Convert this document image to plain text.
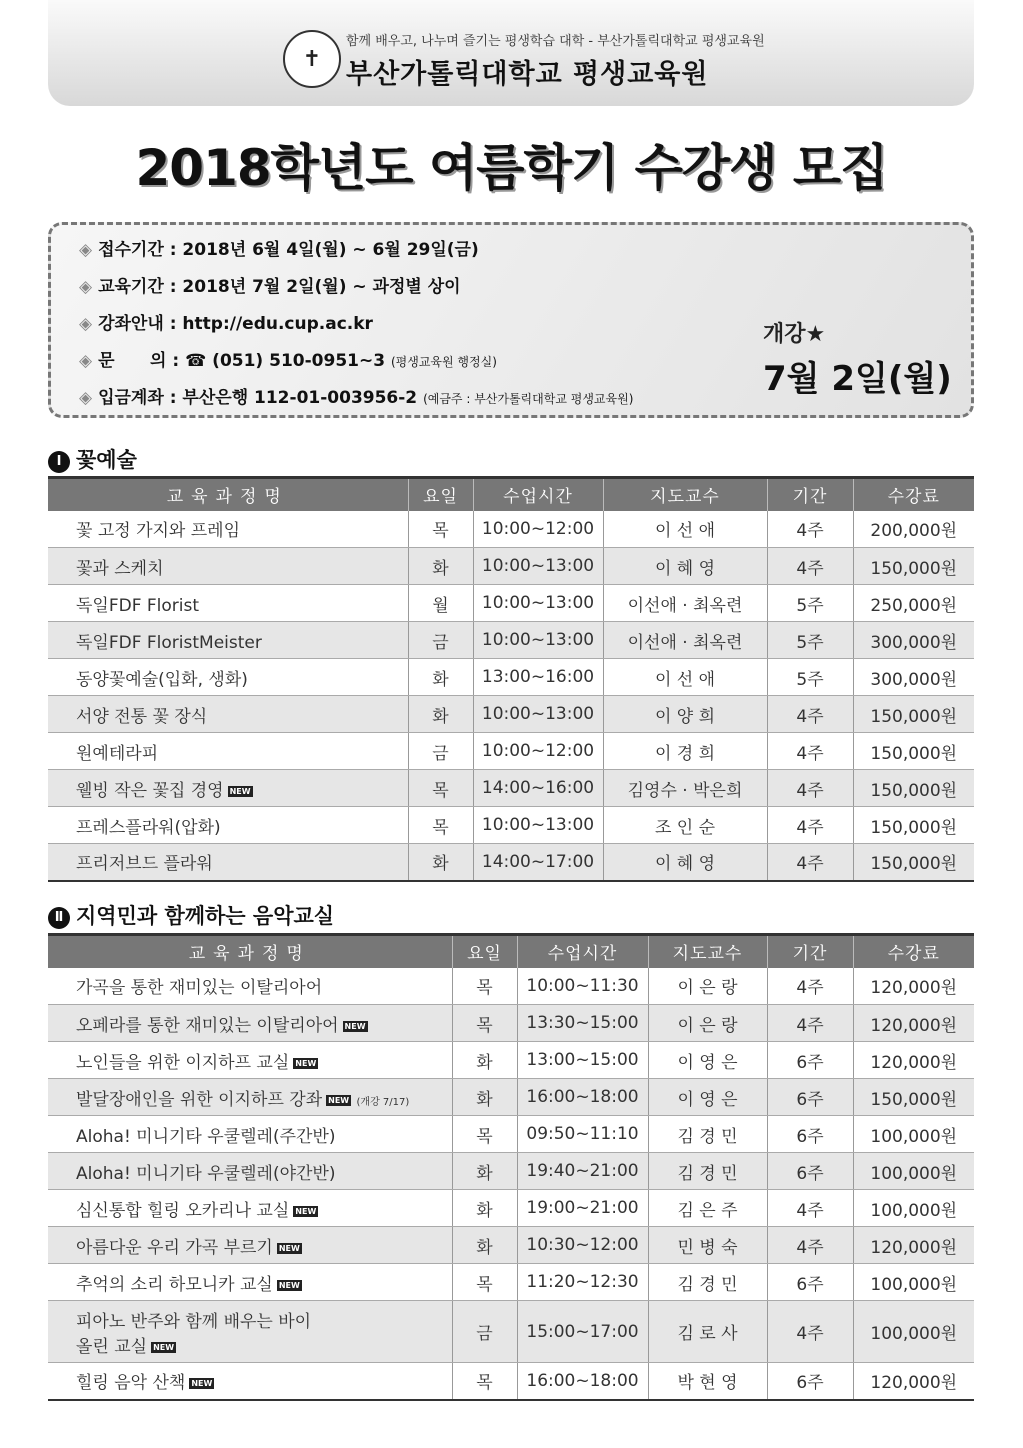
✝
함께 배우고, 나누며 즐기는 평생학습 대학 - 부산가톨릭대학교 평생교육원
부산가톨릭대학교 평생교육원
2018학년도 여름학기 수강생 모집
◈ 접수기간 : 2018년 6월 4일(월) ~ 6월 29일(금)
◈ 교육기간 : 2018년 7월 2일(월) ~ 과정별 상이
◈ 강좌안내 : http://edu.cup.ac.kr
◈ 문      의 : ☎ (051) 510-0951~3 (평생교육원 행정실)
◈ 입금계좌 : 부산은행 112-01-003956-2 (예금주 : 부산가톨릭대학교 평생교육원)
개강★
7월 2일(월)
Ⅰ 꽃예술
교육과정명	요일	수업시간	지도교수	기간	수강료
꽃 고정 가지와 프레임	목	10:00~12:00	이 선 애	4주	200,000원
꽃과 스케치	화	10:00~13:00	이 혜 영	4주	150,000원
독일FDF Florist	월	10:00~13:00	이선애 · 최옥련	5주	250,000원
독일FDF FloristMeister	금	10:00~13:00	이선애 · 최옥련	5주	300,000원
동양꽃예술(입화, 생화)	화	13:00~16:00	이 선 애	5주	300,000원
서양 전통 꽃 장식	화	10:00~13:00	이 양 희	4주	150,000원
원예테라피	금	10:00~12:00	이 경 희	4주	150,000원
웰빙 작은 꽃집 경영 NEW	목	14:00~16:00	김영수 · 박은희	4주	150,000원
프레스플라워(압화)	목	10:00~13:00	조 인 순	4주	150,000원
프리저브드 플라워	화	14:00~17:00	이 혜 영	4주	150,000원
Ⅱ 지역민과 함께하는 음악교실
교육과정명	요일	수업시간	지도교수	기간	수강료
가곡을 통한 재미있는 이탈리아어	목	10:00~11:30	이 은 랑	4주	120,000원
오페라를 통한 재미있는 이탈리아어 NEW	목	13:30~15:00	이 은 랑	4주	120,000원
노인들을 위한 이지하프 교실 NEW	화	13:00~15:00	이 영 은	6주	120,000원
발달장애인을 위한 이지하프 강좌 NEW (개강 7/17)	화	16:00~18:00	이 영 은	6주	150,000원
Aloha! 미니기타 우쿨렐레(주간반)	목	09:50~11:10	김 경 민	6주	100,000원
Aloha! 미니기타 우쿨렐레(야간반)	화	19:40~21:00	김 경 민	6주	100,000원
심신통합 힐링 오카리나 교실 NEW	화	19:00~21:00	김 은 주	4주	100,000원
아름다운 우리 가곡 부르기 NEW	화	10:30~12:00	민 병 숙	4주	120,000원
추억의 소리 하모니카 교실 NEW	목	11:20~12:30	김 경 민	6주	100,000원
피아노 반주와 함께 배우는 바이올린 교실 NEW	금	15:00~17:00	김 로 사	4주	100,000원
힐링 음악 산책 NEW	목	16:00~18:00	박 현 영	6주	120,000원
